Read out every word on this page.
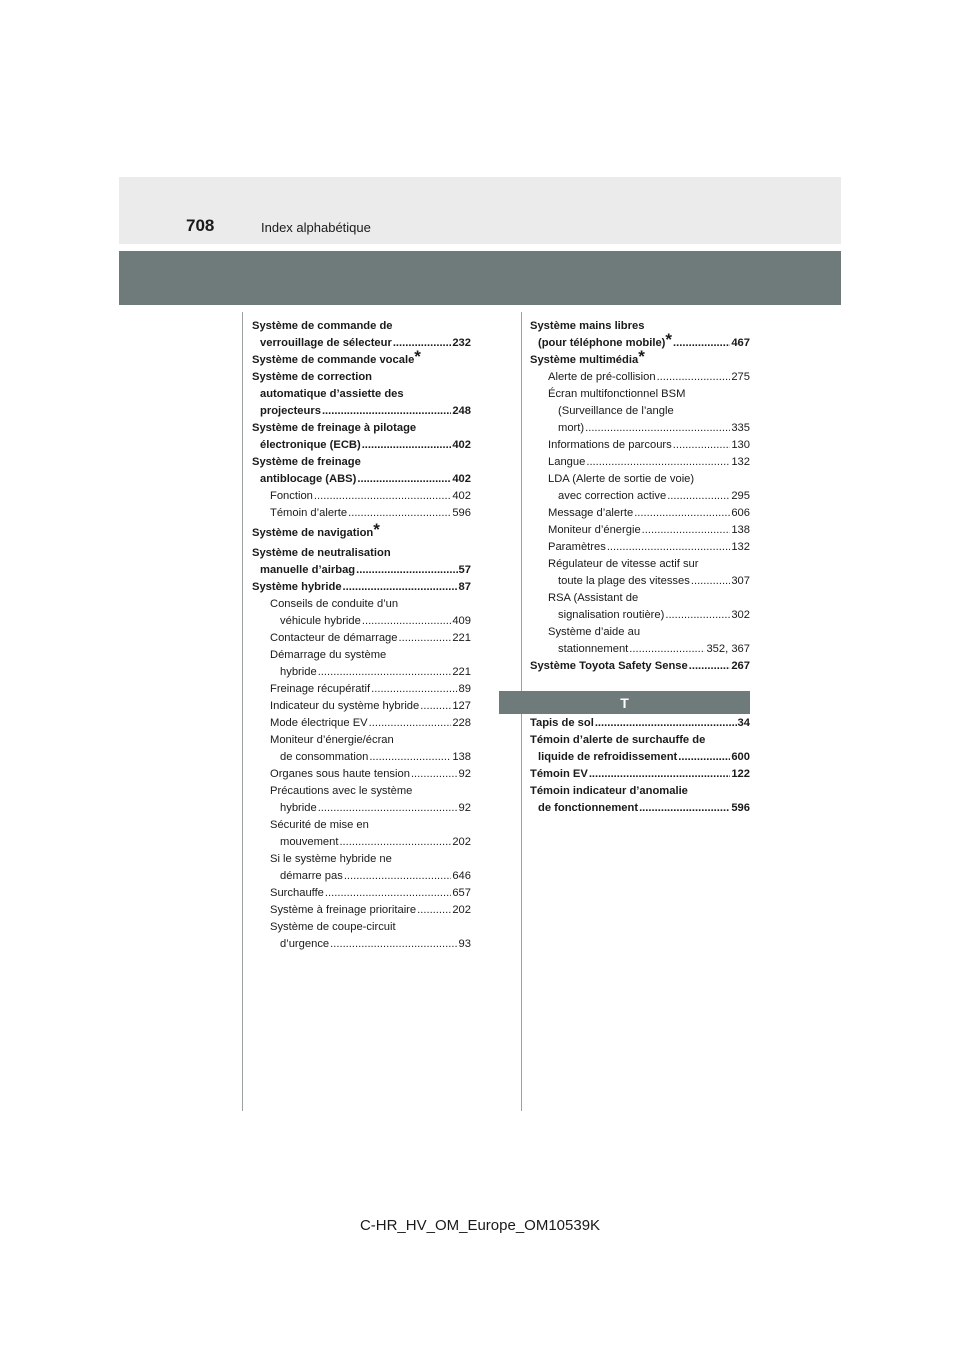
708	Index alphabétique
Système de commande de
verrouillage de sélecteur .....	232
Système de commande vocale*
Système de correction
automatique d’assiette des
projecteurs .....	248
Système de freinage à pilotage
électronique (ECB) .....	402
Système de freinage
antiblocage (ABS) .....	402
Fonction .....	402
Témoin d’alerte .....	596
Système de navigation*
Système de neutralisation
manuelle d’airbag .....	57
Système hybride .....	87
Conseils de conduite d’un
véhicule hybride .....	409
Contacteur de démarrage .....	221
Démarrage du système
hybride .....	221
Freinage récupératif .....	89
Indicateur du système hybride .....	127
Mode électrique EV .....	228
Moniteur d’énergie/écran
de consommation .....	138
Organes sous haute tension .....	92
Précautions avec le système
hybride .....	92
Sécurité de mise en
mouvement .....	202
Si le système hybride ne
démarre pas .....	646
Surchauffe .....	657
Système à freinage prioritaire .....	202
Système de coupe-circuit
d’urgence .....	93
Système mains libres
(pour téléphone mobile)* .....	467
Système multimédia*
Alerte de pré-collision .....	275
Écran multifonctionnel BSM
(Surveillance de l’angle
mort) .....	335
Informations de parcours .....	130
Langue .....	132
LDA (Alerte de sortie de voie)
avec correction active .....	295
Message d’alerte .....	606
Moniteur d’énergie .....	138
Paramètres .....	132
Régulateur de vitesse actif sur
toute la plage des vitesses .....	307
RSA (Assistant de
signalisation routière) .....	302
Système d’aide au
stationnement .....	352, 367
Système Toyota Safety Sense .....	267
T
Tapis de sol .....	34
Témoin d’alerte de surchauffe de
liquide de refroidissement .....	600
Témoin EV .....	122
Témoin indicateur d’anomalie
de fonctionnement .....	596
C-HR_HV_OM_Europe_OM10539K
